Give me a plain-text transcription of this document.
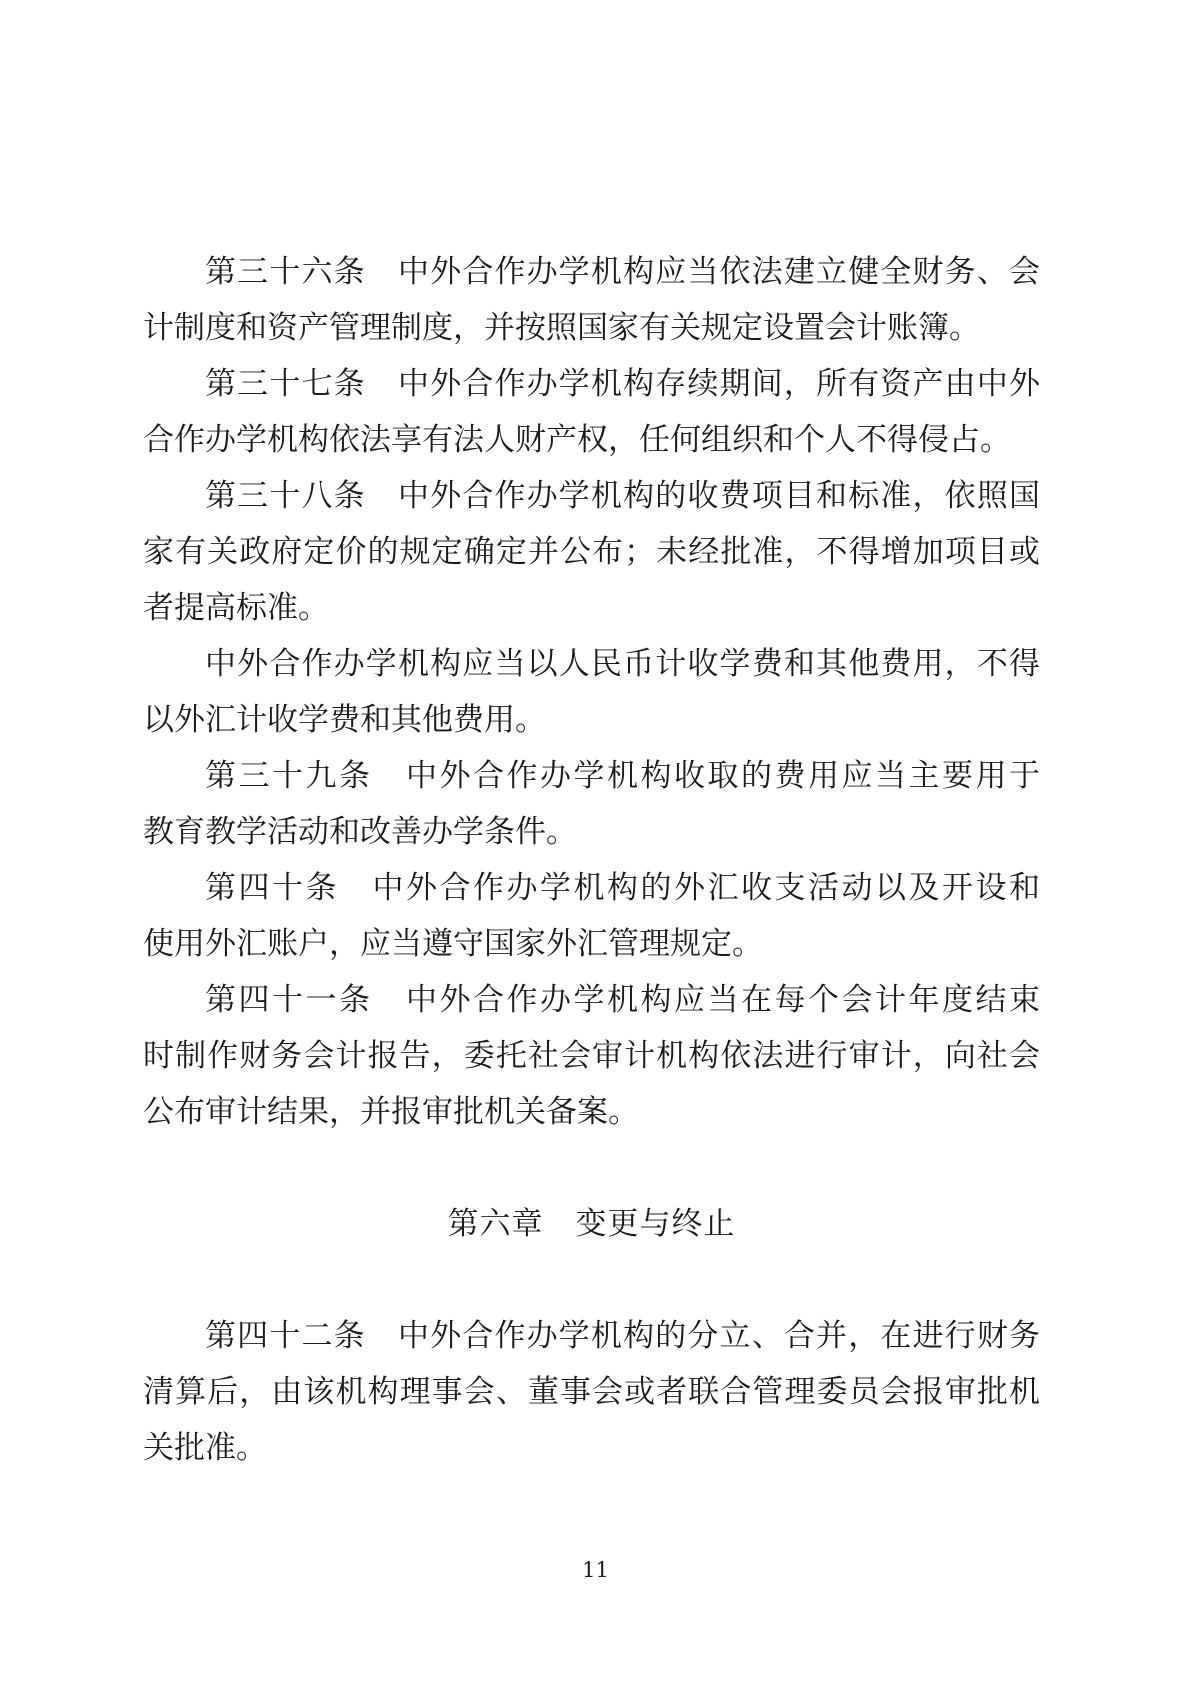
第三十六条　中外合作办学机构应当依法建立健全财务、会
计制度和资产管理制度，并按照国家有关规定设置会计账簿。
第三十七条　中外合作办学机构存续期间，所有资产由中外
合作办学机构依法享有法人财产权，任何组织和个人不得侵占。
第三十八条　中外合作办学机构的收费项目和标准，依照国
家有关政府定价的规定确定并公布；未经批准，不得增加项目或
者提高标准。
中外合作办学机构应当以人民币计收学费和其他费用，不得
以外汇计收学费和其他费用。
第三十九条　中外合作办学机构收取的费用应当主要用于
教育教学活动和改善办学条件。
第四十条　中外合作办学机构的外汇收支活动以及开设和
使用外汇账户，应当遵守国家外汇管理规定。
第四十一条　中外合作办学机构应当在每个会计年度结束
时制作财务会计报告，委托社会审计机构依法进行审计，向社会
公布审计结果，并报审批机关备案。
第六章　变更与终止
第四十二条　中外合作办学机构的分立、合并，在进行财务
清算后，由该机构理事会、董事会或者联合管理委员会报审批机
关批准。
11
